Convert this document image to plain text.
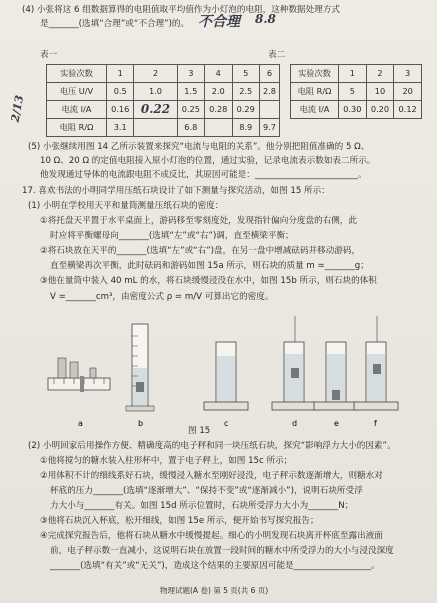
(4) 小张将这 6 组数据算得的电阻值取平均值作为小灯泡的电阻，这种数据处理方式
是_______(选填“合理”或“不合理”)的。 不合理 8.8
表一
实验次数	1	2	3	4	5	6
电压 U/V	0.5	1.0	1.5	2.0	2.5	2.8
电流 I/A	0.16	0.22	0.25	0.28	0.29	
电阻 R/Ω	3.1		6.8		8.9	9.7
表二
实验次数	1	2	3
电阻 R/Ω	5	10	20
电流 I/A	0.30	0.20	0.12
2/13
(5) 小张继续用图 14 乙所示装置来探究“电流与电阻的关系”。他分别把阻值准确的 5 Ω、
10 Ω、20 Ω 的定值电阻接入原小灯泡的位置，通过实验，记录电流表示数如表二所示。
他发现通过导体的电流跟电阻不成反比，其原因可能是：________________________。
17. 喜欢书法的小明同学用压纸石块设计了如下测量与探究活动，如图 15 所示：
(1) 小明在学校用天平和量筒测量压纸石块的密度：
①将托盘天平置于水平桌面上，游码移至零刻度处，发现指针偏向分度盘的右侧，此
时应将平衡螺母向_______(选填“左”或“右”)调，直至横梁平衡；
②将石块放在天平的_______(选填“左”或“右”)盘，在另一盘中增减砝码并移动游码，
直至横梁再次平衡，此时砝码和游码如图 15a 所示，则石块的质量 m =_______g；
③他在量筒中装入 40 mL 的水，将石块缓慢浸没在水中，如图 15b 所示，则石块的体积
V =_______cm³，由密度公式 ρ = m/V 可算出它的密度。
a	b	c	d	e	f
图 15
(2) 小明回家后用操作方便、精确度高的电子秤和同一块压纸石块，探究“影响浮力大小的因素”。
①他将搅匀的糖水装入柱形杯中，置于电子秤上，如图 15c 所示；
②用体积不计的细线系好石块，缓慢浸入糖水至刚好浸没，电子秤示数逐渐增大，则糖水对
杯底的压力_______(选填“逐渐增大”、“保持不变”或“逐渐减小”)，说明石块所受浮
力大小与_______有关。如图 15d 所示位置时，石块所受浮力大小为_______N；
③他将石块沉入杯底，松开细线，如图 15e 所示，便开始书写探究报告；
④完成探究报告后，他将石块从糖水中缓慢提起。细心的小明发现石块离开杯底至露出液面
前，电子秤示数一直减小，这说明石块在放置一段时间的糖水中所受浮力的大小与浸没深度
_______(选填“有关”或“无关”)，造成这个结果的主要原因可能是__________________。
物理试题(A 卷) 第 5 页(共 6 页)
